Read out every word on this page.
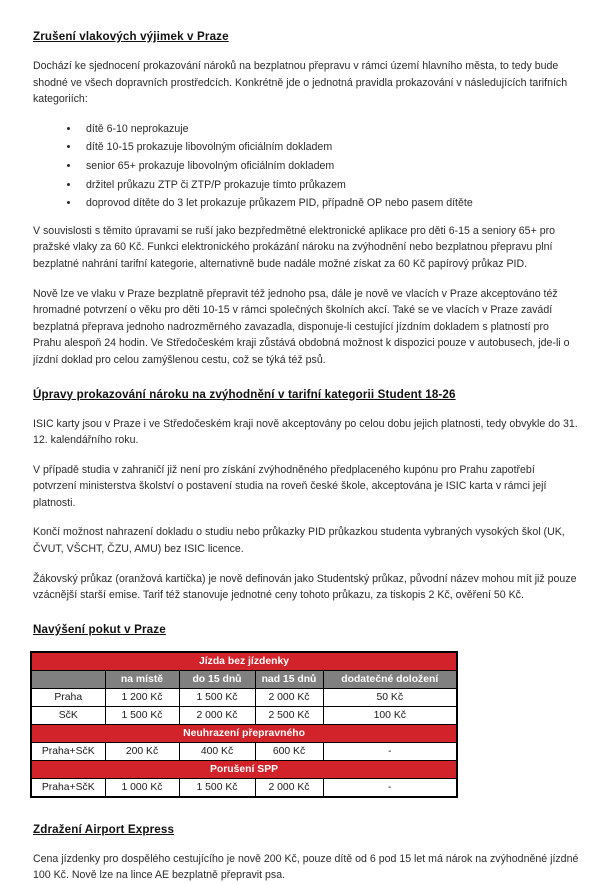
Zrušení vlakových výjimek v Praze

Dochází ke sjednocení prokazování nároků na bezplatnou přepravu v rámci území hlavního města, to tedy bude shodné ve všech dopravních prostředcích. Konkrétně jde o jednotná pravidla prokazování v následujících tarifních kategoriích:

• dítě 6-10 neprokazuje
• dítě 10-15 prokazuje libovolným oficiálním dokladem
• senior 65+ prokazuje libovolným oficiálním dokladem
• držitel průkazu ZTP či ZTP/P prokazuje tímto průkazem
• doprovod dítěte do 3 let prokazuje průkazem PID, případně OP nebo pasem dítěte

V souvislosti s těmito úpravami se ruší jako bezpředmětné elektronické aplikace pro děti 6-15 a seniory 65+ pro pražské vlaky za 60 Kč. Funkci elektronického prokázání nároku na zvýhodnění nebo bezplatnou přepravu plní bezplatné nahrání tarifní kategorie, alternativně bude nadále možné získat za 60 Kč papírový průkaz PID.

Nově lze ve vlaku v Praze bezplatně přepravit též jednoho psa, dále je nově ve vlacích v Praze akceptováno též hromadné potvrzení o věku pro děti 10-15 v rámci společných školních akcí. Také se ve vlacích v Praze zavádí bezplatná přeprava jednoho nadrozměrného zavazadla, disponuje-li cestující jízdním dokladem s platností pro Prahu alespoň 24 hodin. Ve Středočeském kraji zůstává obdobná možnost k dispozici pouze v autobusech, jde-li o jízdní doklad pro celou zamýšlenou cestu, což se týká též psů.

Úpravy prokazování nároku na zvýhodnění v tarifní kategorii Student 18-26

ISIC karty jsou v Praze i ve Středočeském kraji nově akceptovány po celou dobu jejich platnosti, tedy obvykle do 31. 12. kalendářního roku.

V případě studia v zahraničí již není pro získání zvýhodněného předplaceného kupónu pro Prahu zapotřebí potvrzení ministerstva školství o postavení studia na roveň české škole, akceptována je ISIC karta v rámci její platnosti.

Končí možnost nahrazení dokladu o studiu nebo průkazky PID průkazkou studenta vybraných vysokých škol (UK, ČVUT, VŠCHT, ČZU, AMU) bez ISIC licence.

Žákovský průkaz (oranžová kartička) je nově definován jako Studentský průkaz, původní název mohou mít již pouze vzácnější starší emise. Tarif též stanovuje jednotné ceny tohoto průkazu, za tiskopis 2 Kč, ověření 50 Kč.

Navýšení pokut v Praze
Jízda bez jízdenky				
	na místě	do 15 dnů	nad 15 dnů	dodatečné doložení
Praha	1 200 Kč	1 500 Kč	2 000 Kč	50 Kč
SčK	1 500 Kč	2 000 Kč	2 500 Kč	100 Kč
Neuhrazení přepravného				
Praha+SčK	200 Kč	400 Kč	600 Kč	-
Porušení SPP				
Praha+SčK	1 000 Kč	1 500 Kč	2 000 Kč	-
Zdražení Airport Express

Cena jízdenky pro dospělého cestujícího je nově 200 Kč, pouze dítě od 6 pod 15 let má nárok na zvýhodněné jízdné 100 Kč. Nově lze na lince AE bezplatně přepravit psa.
